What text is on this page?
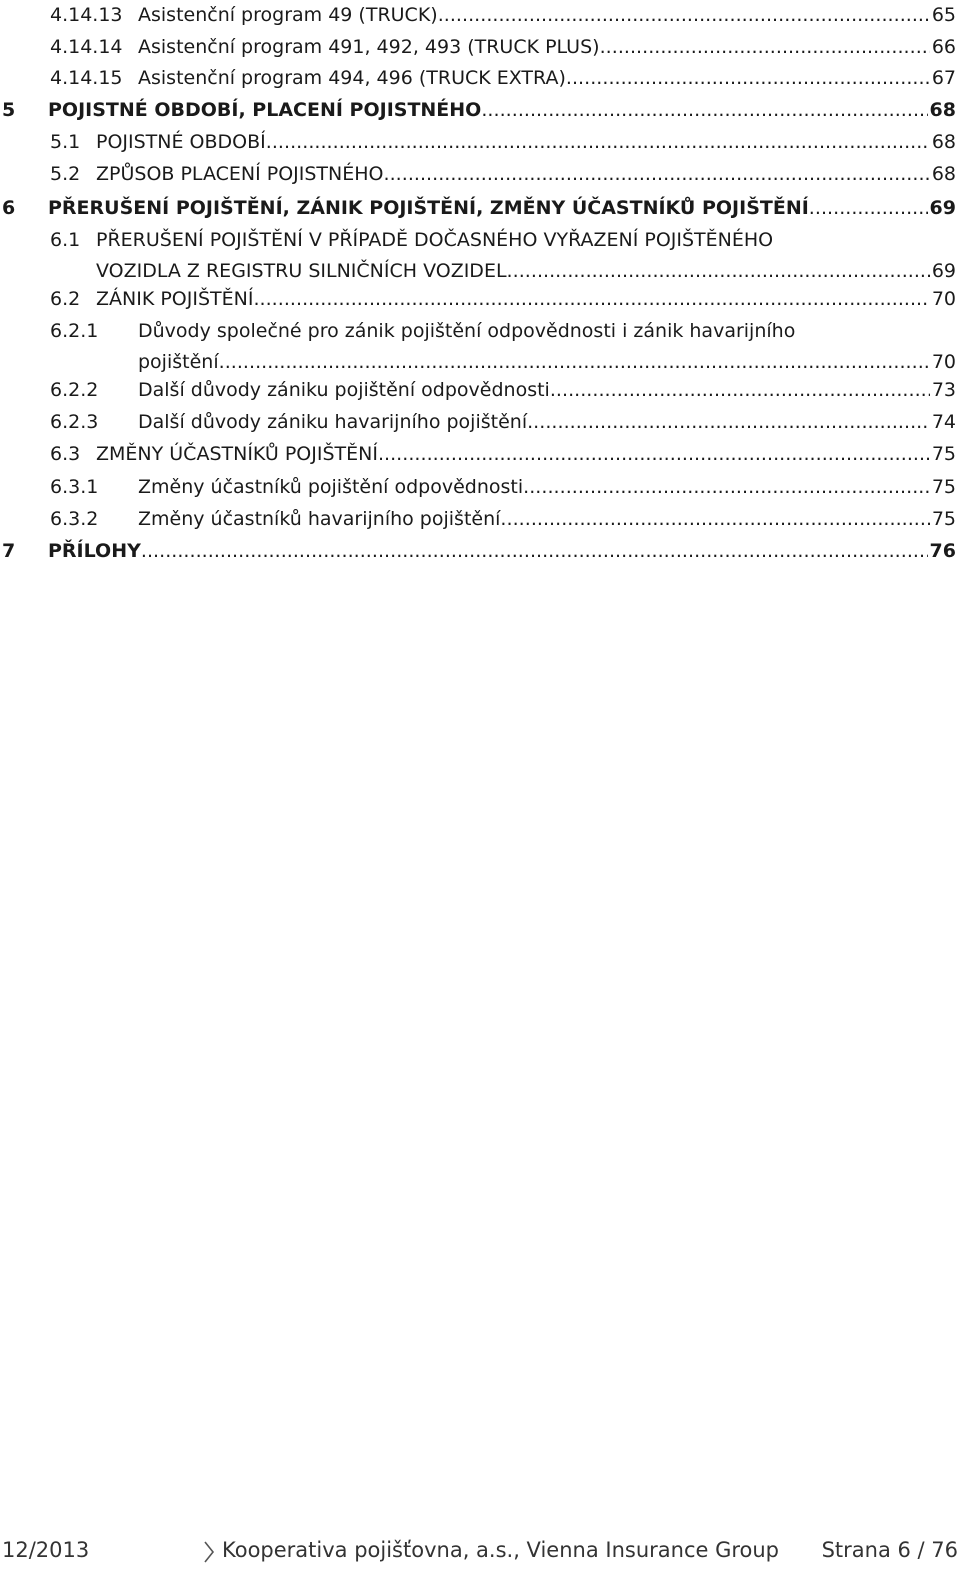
4.14.13 Asistenční program 49 (TRUCK) . . .	65
4.14.14 Asistenční program 491, 492, 493 (TRUCK PLUS) . . .	66
4.14.15 Asistenční program 494, 496 (TRUCK EXTRA) . . .	67
5 POJISTNÉ OBDOBÍ, PLACENÍ POJISTNÉHO . . .	68
5.1 POJISTNÉ OBDOBÍ . . .	68
5.2 ZPŮSOB PLACENÍ POJISTNÉHO . . .	68
6 PŘERUŠENÍ POJIŠTĚNÍ, ZÁNIK POJIŠTĚNÍ, ZMĚNY ÚČASTNÍKŮ POJIŠTĚNÍ . . .	69
6.1 PŘERUŠENÍ POJIŠTĚNÍ V PŘÍPADĚ DOČASNÉHO VYŘAZENÍ POJIŠTĚNÉHO
VOZIDLA Z REGISTRU SILNIČNÍCH VOZIDEL . . .	69
6.2 ZÁNIK POJIŠTĚNÍ . . .	70
6.2.1 Důvody společné pro zánik pojištění odpovědnosti i zánik havarijního
pojištění . . .	70
6.2.2 Další důvody zániku pojištění odpovědnosti . . .	73
6.2.3 Další důvody zániku havarijního pojištění . . .	74
6.3 ZMĚNY ÚČASTNÍKŮ POJIŠTĚNÍ . . .	75
6.3.1 Změny účastníků pojištění odpovědnosti . . .	75
6.3.2 Změny účastníků havarijního pojištění . . .	75
7 PŘÍLOHY . . .	76
12/2013	Kooperativa pojišťovna, a.s., Vienna Insurance Group Strana 6 / 76
